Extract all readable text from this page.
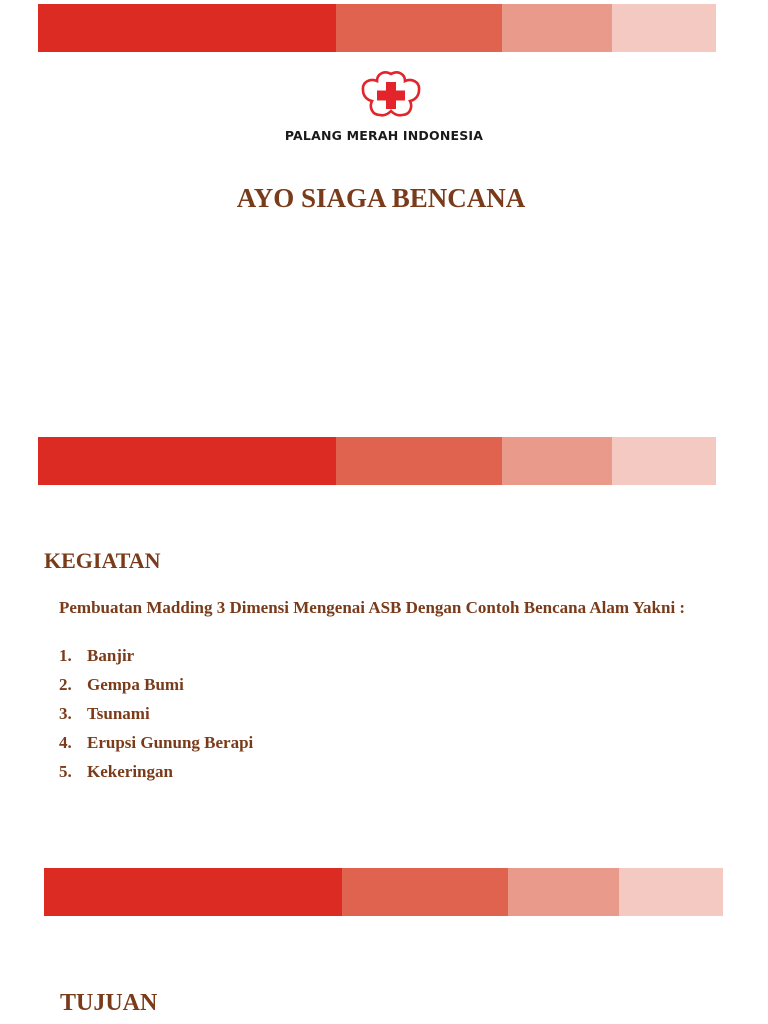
PALANG MERAH INDONESIA
AYO SIAGA BENCANA
KEGIATAN
Pembuatan Madding 3 Dimensi Mengenai ASB Dengan Contoh Bencana Alam Yakni :
1. Banjir
2. Gempa Bumi
3. Tsunami
4. Erupsi Gunung Berapi
5. Kekeringan
TUJUAN
